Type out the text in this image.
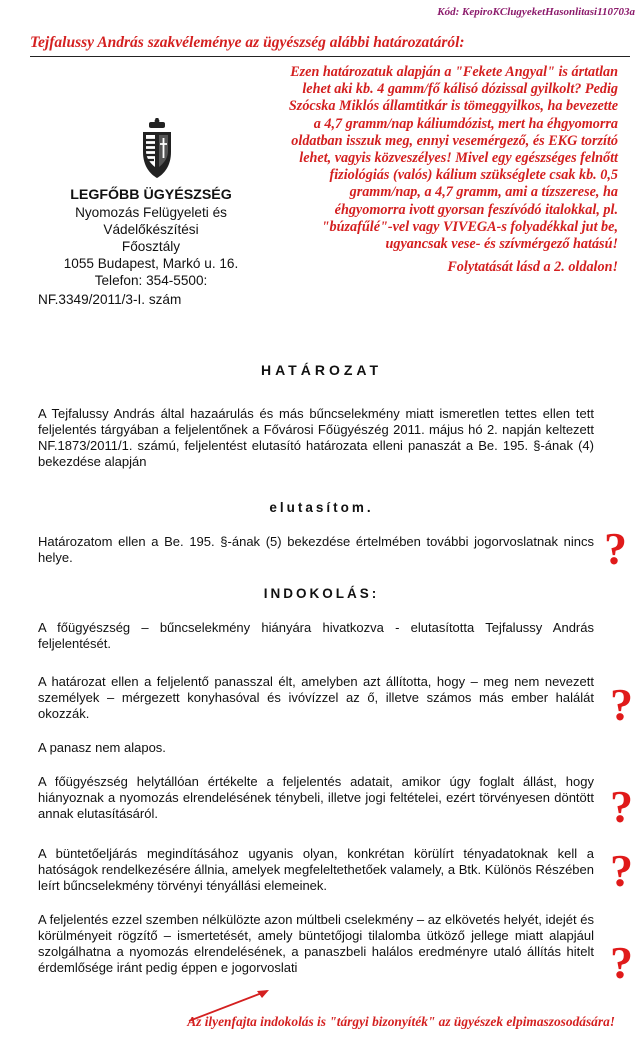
Kód: KepiroKClugyeketHasonlitasi110703a
Tejfalussy András szakvéleménye az ügyészség alábbi határozatáról:
Ezen határozatuk alapján a "Fekete Angyal" is ártatlan lehet aki kb. 4 gamm/fő kálisó dózissal gyilkolt? Pedig Szócska Miklós államtitkár is tömeggyilkos, ha bevezette a 4,7 gramm/nap káliumdózist, mert ha éhgyomorra oldatban isszuk meg, ennyi vesemérgező, és EKG torzító lehet, vagyis közveszélyes! Mivel egy egészséges felnőtt fiziológiás (valós) kálium szükséglete csak kb. 0,5 gramm/nap, a 4,7 gramm, ami a tízszerese, ha éhgyomorra ivott gyorsan feszívódó italokkal, pl. "búzafűlé"-vel vagy VIVEGA-s folyadékkal jut be, ugyancsak vese- és szívmérgező hatású!
Folytatását lásd a 2. oldalon!
LEGFŐBB ÜGYÉSZSÉG
Nyomozás Felügyeleti és Vádelőkészítési
Főosztály
1055 Budapest, Markó u. 16.
Telefon: 354-5500:
NF.3349/2011/3-I. szám
HATÁROZAT
A Tejfalussy András által hazaárulás és más bűncselekmény miatt ismeretlen tettes ellen tett feljelentés tárgyában a feljelentőnek a Fővárosi Főügyészég 2011. május hó 2. napján keltezett NF.1873/2011/1. számú, feljelentést elutasító határozata elleni panaszát a Be. 195. §-ának (4) bekezdése alapján
elutasítom.
Határozatom ellen a Be. 195. §-ának (5) bekezdése értelmében további jogorvoslatnak nincs helye.
INDOKOLÁS:
A főügyészség – bűncselekmény hiányára hivatkozva - elutasította Tejfalussy András feljelentését.
A határozat ellen a feljelentő panasszal élt, amelyben azt állította, hogy – meg nem nevezett személyek – mérgezett konyhasóval és ivóvízzel az ő, illetve számos más ember halálát okozzák.
A panasz nem alapos.
A főügyészség helytállóan értékelte a feljelentés adatait, amikor úgy foglalt állást, hogy hiányoznak a nyomozás elrendelésének ténybeli, illetve jogi feltételei, ezért törvényesen döntött annak elutasításáról.
A büntetőeljárás megindításához ugyanis olyan, konkrétan körülírt tényadatoknak kell a hatóságok rendelkezésére állnia, amelyek megfeleltethetőek valamely, a Btk. Különös Részében leírt bűncselekmény törvényi tényállási elemeinek.
A feljelentés ezzel szemben nélkülözte azon múltbeli cselekmény – az elkövetés helyét, idejét és körülményeit rögzítő – ismertetését, amely büntetőjogi tilalomba ütköző jellege miatt alapjául szolgálhatna a nyomozás elrendelésének, a panaszbeli halálos eredményre utaló állítás hitelt érdemlősége iránt pedig éppen e jogorvoslati
?
?
?
?
?
Az ilyenfajta indokolás is "tárgyi bizonyíték" az ügyészek elpimaszosodására!
